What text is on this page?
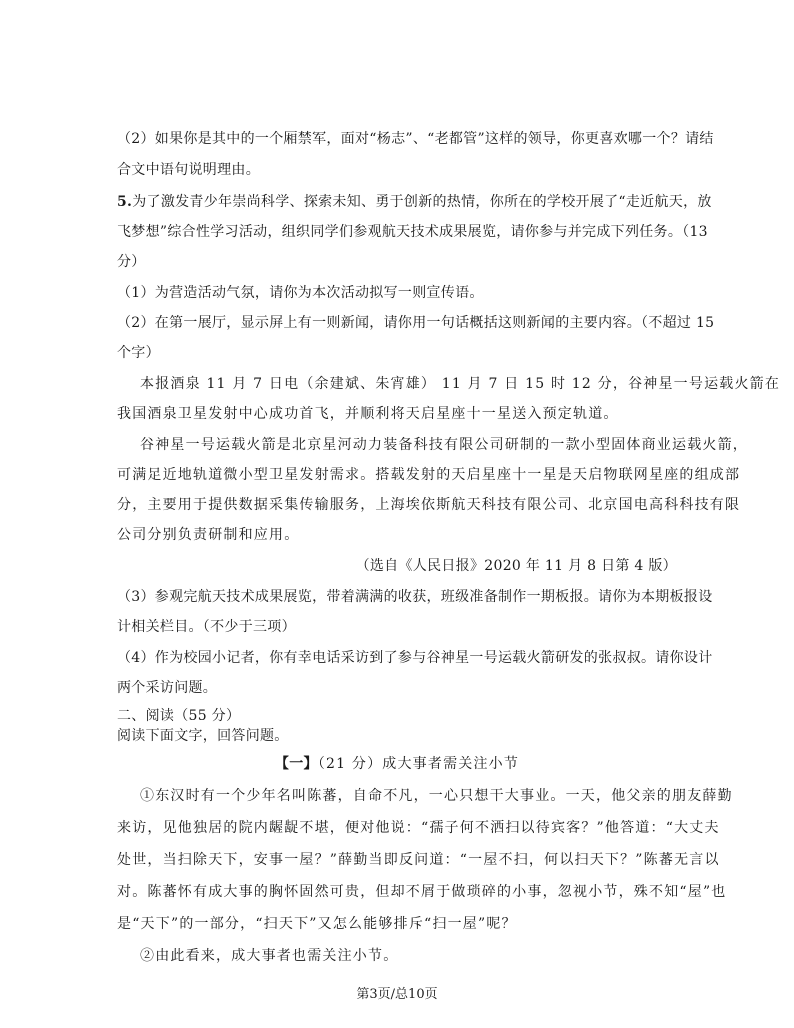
（2）如果你是其中的一个厢禁军，面对“杨志”、“老都管”这样的领导，你更喜欢哪一个？请结
合文中语句说明理由。
5.为了激发青少年崇尚科学、探索未知、勇于创新的热情，你所在的学校开展了“走近航天，放
飞梦想”综合性学习活动，组织同学们参观航天技术成果展览，请你参与并完成下列任务。（13
分）
（1）为营造活动气氛，请你为本次活动拟写一则宣传语。
（2）在第一展厅，显示屏上有一则新闻，请你用一句话概括这则新闻的主要内容。（不超过 15
个字）
本报酒泉 11 月 7 日电（余建斌、朱宵雄） 11 月 7 日 15 时 12 分，谷神星一号运载火箭在
我国酒泉卫星发射中心成功首飞，并顺利将天启星座十一星送入预定轨道。
谷神星一号运载火箭是北京星河动力装备科技有限公司研制的一款小型固体商业运载火箭，
可满足近地轨道微小型卫星发射需求。搭载发射的天启星座十一星是天启物联网星座的组成部
分，主要用于提供数据采集传输服务，上海埃依斯航天科技有限公司、北京国电高科科技有限
公司分别负责研制和应用。
（选自《人民日报》2020 年 11 月 8 日第 4 版）
（3）参观完航天技术成果展览，带着满满的收获，班级准备制作一期板报。请你为本期板报设
计相关栏目。（不少于三项）
（4）作为校园小记者，你有幸电话采访到了参与谷神星一号运载火箭研发的张叔叔。请你设计
两个采访问题。
二、阅读（55 分）
阅读下面文字，回答问题。
【一】（21 分）成大事者需关注小节
①东汉时有一个少年名叫陈蕃，自命不凡，一心只想干大事业。一天，他父亲的朋友薛勤
来访，见他独居的院内龌龊不堪，便对他说：“孺子何不洒扫以待宾客？”他答道：“大丈夫
处世，当扫除天下，安事一屋？”薛勤当即反问道：“一屋不扫，何以扫天下？”陈蕃无言以
对。陈蕃怀有成大事的胸怀固然可贵，但却不屑于做琐碎的小事，忽视小节，殊不知“屋”也
是“天下”的一部分，“扫天下”又怎么能够排斥“扫一屋”呢？
②由此看来，成大事者也需关注小节。
第3页/总10页
